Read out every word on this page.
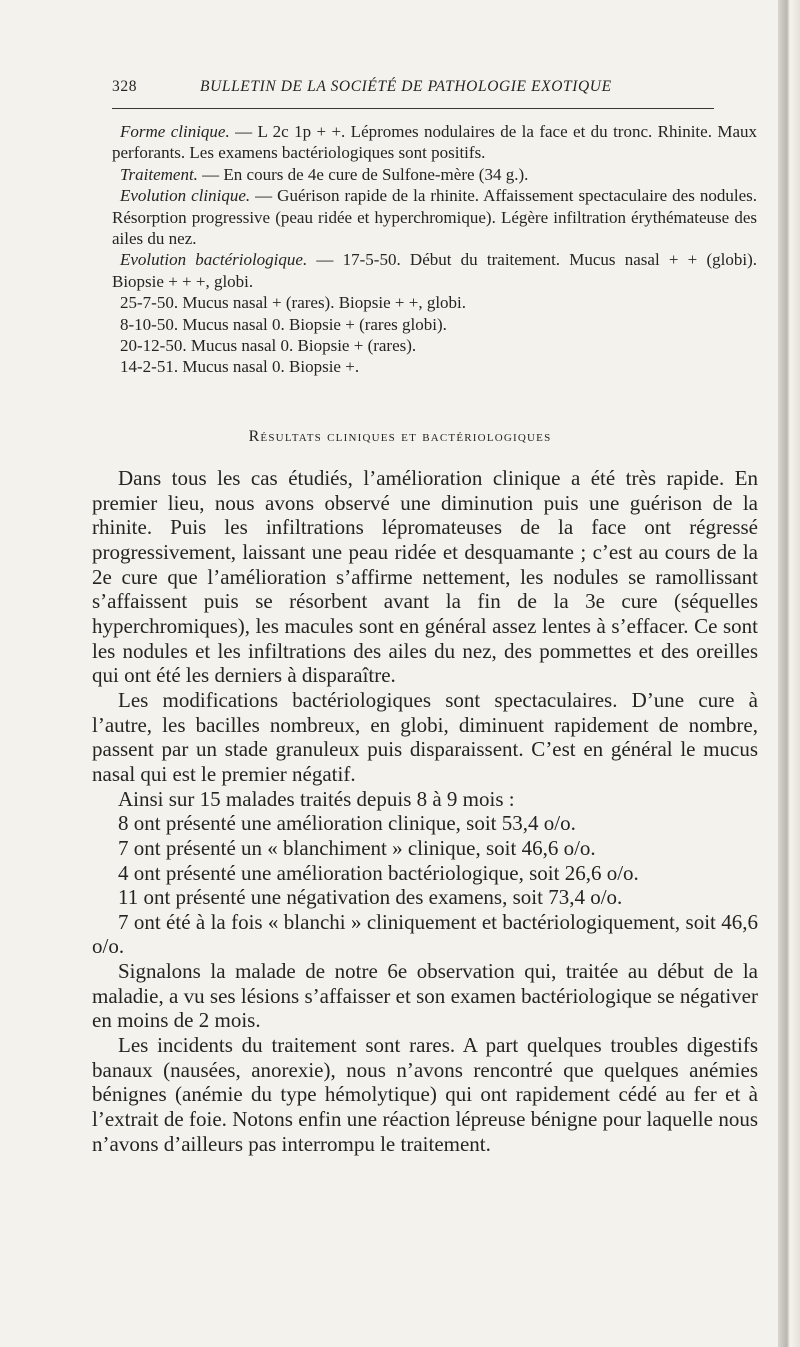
328	BULLETIN DE LA SOCIÉTÉ DE PATHOLOGIE EXOTIQUE

Forme clinique. — L 2c 1p + +. Lépromes nodulaires de la face et du tronc. Rhinite. Maux perforants. Les examens bactériologiques sont positifs.

Traitement. — En cours de 4e cure de Sulfone-mère (34 g.).

Evolution clinique. — Guérison rapide de la rhinite. Affaissement spectaculaire des nodules. Résorption progressive (peau ridée et hyperchromique). Légère infiltration érythémateuse des ailes du nez.

Evolution bactériologique. — 17-5-50. Début du traitement. Mucus nasal + + (globi). Biopsie + + +, globi.

25-7-50. Mucus nasal + (rares). Biopsie + +, globi.

8-10-50. Mucus nasal 0. Biopsie + (rares globi).

20-12-50. Mucus nasal 0. Biopsie + (rares).

14-2-51. Mucus nasal 0. Biopsie +.

Résultats cliniques et bactériologiques

Dans tous les cas étudiés, l’amélioration clinique a été très rapide. En premier lieu, nous avons observé une diminution puis une guérison de la rhinite. Puis les infiltrations lépromateuses de la face ont régressé progressivement, laissant une peau ridée et desquamante ; c’est au cours de la 2e cure que l’amélioration s’affirme nettement, les nodules se ramollissant s’affaissent puis se résorbent avant la fin de la 3e cure (séquelles hyperchromiques), les macules sont en général assez lentes à s’effacer. Ce sont les nodules et les infiltrations des ailes du nez, des pommettes et des oreilles qui ont été les derniers à disparaître.

Les modifications bactériologiques sont spectaculaires. D’une cure à l’autre, les bacilles nombreux, en globi, diminuent rapidement de nombre, passent par un stade granuleux puis disparaissent. C’est en général le mucus nasal qui est le premier négatif.

Ainsi sur 15 malades traités depuis 8 à 9 mois :

8 ont présenté une amélioration clinique, soit 53,4 o/o.

7 ont présenté un « blanchiment » clinique, soit 46,6 o/o.

4 ont présenté une amélioration bactériologique, soit 26,6 o/o.

11 ont présenté une négativation des examens, soit 73,4 o/o.

7 ont été à la fois « blanchi » cliniquement et bactériologiquement, soit 46,6 o/o.

Signalons la malade de notre 6e observation qui, traitée au début de la maladie, a vu ses lésions s’affaisser et son examen bactériologique se négativer en moins de 2 mois.

Les incidents du traitement sont rares. A part quelques troubles digestifs banaux (nausées, anorexie), nous n’avons rencontré que quelques anémies bénignes (anémie du type hémolytique) qui ont rapidement cédé au fer et à l’extrait de foie. Notons enfin une réaction lépreuse bénigne pour laquelle nous n’avons d’ailleurs pas interrompu le traitement.
